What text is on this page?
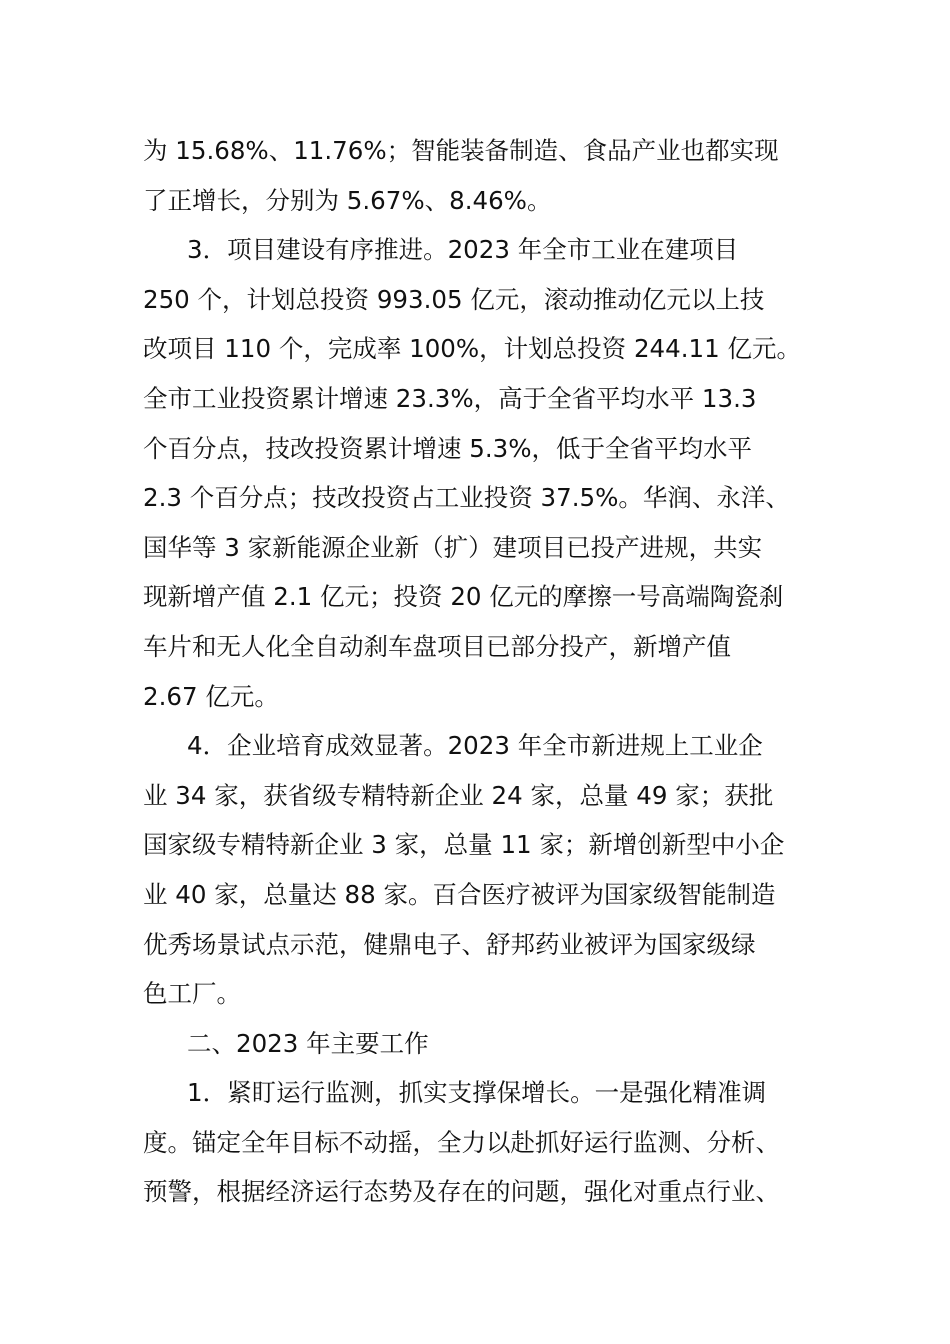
为 15.68%、11.76%；智能装备制造、食品产业也都实现
了正增长，分别为 5.67%、8.46%。
3．项目建设有序推进。2023 年全市工业在建项目
250 个，计划总投资 993.05 亿元，滚动推动亿元以上技
改项目 110 个，完成率 100%，计划总投资 244.11 亿元。
全市工业投资累计增速 23.3%，高于全省平均水平 13.3
个百分点，技改投资累计增速 5.3%，低于全省平均水平
2.3 个百分点；技改投资占工业投资 37.5%。华润、永洋、
国华等 3 家新能源企业新（扩）建项目已投产进规，共实
现新增产值 2.1 亿元；投资 20 亿元的摩擦一号高端陶瓷刹
车片和无人化全自动刹车盘项目已部分投产，新增产值
2.67 亿元。
4．企业培育成效显著。2023 年全市新进规上工业企
业 34 家，获省级专精特新企业 24 家，总量 49 家；获批
国家级专精特新企业 3 家，总量 11 家；新增创新型中小企
业 40 家，总量达 88 家。百合医疗被评为国家级智能制造
优秀场景试点示范，健鼎电子、舒邦药业被评为国家级绿
色工厂。
二、2023 年主要工作
1．紧盯运行监测，抓实支撑保增长。一是强化精准调
度。锚定全年目标不动摇，全力以赴抓好运行监测、分析、
预警，根据经济运行态势及存在的问题，强化对重点行业、
